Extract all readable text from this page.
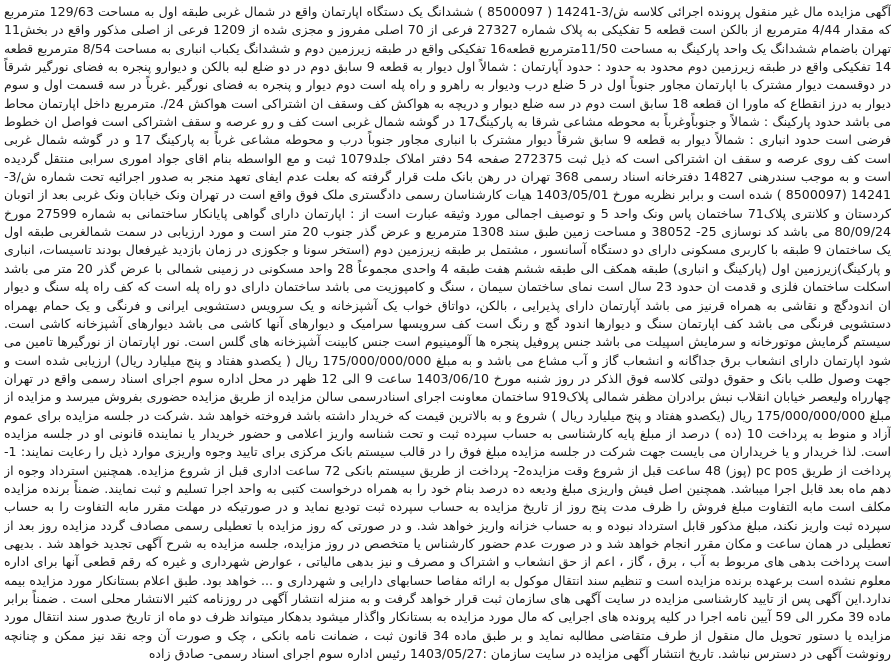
آگهی مزایده مال غیر منقول پرونده اجرائی کلاسه ش/3-14241 ( 8500097 ) ششدانگ یک دستگاه اپارتمان واقع در شمال غربی طبقه اول به مساحت 129/63 مترمربع که مقدار 4/44 مترمربع از بالکن است قطعه 5 تفکیکی به پلاک شماره 27327 فرعی از 70 اصلی مفروز و مجزی شده از 1209 فرعی از اصلی مذکور واقع در بخش11 تهران باضمام ششدانگ یک واحد پارکینگ به مساحت 11/50مترمربع قطعه16 تفکیکی واقع در طبقه زیرزمین دوم و ششدانگ یکباب انباری به مساحت 8/54 مترمربع قطعه 14 تفکیکی واقع در طبقه زیرزمین دوم محدود به حدود : حدود آپارتمان : شمالاً اول دیوار به قطعه 9 سابق دوم در دو ضلع لبه بالکن و دیوارو پنجره به فضای نورگیر شرقاً در دوقسمت دیوار مشترک با اپارتمان مجاور جنوباً اول در 5 ضلع درب ودیوار به راهرو و راه پله است دوم دیوار و پنجره به فضای نورگیر .غرباً در سه قسمت اول و سوم دیوار به درز انقطاع که ماورا ان قطعه 18 سابق است دوم در سه ضلع دیوار و دریچه به هواکش کف وسقف ان اشتراکی است هواکش 24/. مترمربع داخل اپارتمان محاط می باشد حدود پارکینگ : شمالاً و جنوباًوغرباً به محوطه مشاعی شرقا به پارکینگ17 در گوشه شمال غربی است کف و رو عرصه و سقف اشتراکی است فواصل ان خطوط فرضی است حدود انباری : شمالاً دیوار به قطعه 9 سابق شرقاً دیوار مشترک با انباری مجاور جنوباً درب و محوطه مشاعی غرباً به پارکینگ 17 و در گوشه شمال غربی است کف روی عرصه و سقف ان اشتراکی است که ذیل ثبت 272375 صفحه 54 دفتر املاک جلد1079 ثبت و مع الواسطه بنام اقای جواد اموری سرابی منتقل گردیده است و به موجب سندرهنی 14827 دفترخانه اسناد رسمی 368 تهران در رهن بانک ملت قرار گرفته که بعلت عدم ایفای تعهد منجر به صدور اجرائیه تحت شماره ش/3-14241 (8500097 ) شده است و برابر نظریه مورخ 1403/05/01 هیات کارشناسان رسمی دادگستری ملک فوق واقع است در تهران ونک خیابان ونک غربی بعد از اتوبان کردستان و کلانتری پلاک71 ساختمان پاس ونک واحد 5 و توصیف اجمالی مورد وثیقه عبارت است از : اپارتمان دارای گواهی پایانکار ساختمانی به شماره 27599 مورخ 80/09/24 می باشد کد نوسازی 25- 38052 و مساحت زمین طبق سند 1308 مترمربع و عرض گذر جنوب 20 متر است و مورد ارزیابی در سمت شمالغربی طبقه اول یک ساختمان 9 طبقه با کاربری مسکونی دارای دو دستگاه آسانسور ، مشتمل بر طبقه زیرزمین دوم (استخر سونا و جکوزی در زمان بازدید غیرفعال بودند تاسیسات، انباری و پارکینگ)زیرزمین اول (پارکینگ و انباری) طبقه همکف الی طبقه ششم هفت طبقه 4 واحدی مجموعاً 28 واحد مسکونی در زمینی شمالی با عرض گذر 20 متر می باشد اسکلت ساختمان فلزی و قدمت ان حدود 23 سال است نمای ساختمان سیمان ، سنگ و کامپوزیت می باشد ساختمان دارای دو راه پله است که کف راه پله سنگ و دیوار ان اندودگچ و نقاشی به همراه قرنیز می باشد آپارتمان دارای پذیرایی ، بالکن، دواتاق خواب یک آشپزخانه و یک سرویس دستشویی ایرانی و فرنگی و یک حمام بهمراه دستشویی فرنگی می باشد کف اپارتمان سنگ و دیوارها اندود گچ و رنگ است کف سرویسها سرامیک و دیوارهای آنها کاشی می باشد دیوارهای آشپزخانه کاشی است. سیستم گرمایش موتورخانه و سرمایش اسپیلت می باشد جنس پروفیل پنجره ها آلومینیوم است جنس کابینت آشپزخانه های گلس است. نور اپارتمان از نورگیرها تامین می شود اپارتمان دارای انشعاب برق جداگانه و انشعاب گاز و آب مشاع می باشد و به مبلغ 175/000/000/000 ریال ( یکصدو هفتاد و پنج میلیارد ریال) ارزیابی شده است و جهت وصول طلب بانک و حقوق دولتی کلاسه فوق الذکر در روز شنبه مورخ 1403/06/10 ساعت 9 الی 12 ظهر در محل اداره سوم اجرای اسناد رسمی واقع در تهران چهارراه ولیعصر خیابان انقلاب نبش برادران مظفر شمالی پلاک919 ساختمان معاونت اجرای اسنادرسمی سالن مزایده از طریق مزایده حضوری بفروش میرسد و مزایده از مبلغ 175/000/000/000 ریال (یکصدو هفتاد و پنج میلیارد ریال ) شروع و به بالاترین قیمت که خریدار داشته باشد فروخته خواهد شد .شرکت در جلسه مزایده برای عموم آزاد و منوط به پرداخت 10 (ده ) درصد از مبلغ پایه کارشناسی به حساب سپرده ثبت و تحت شناسه واریز اعلامی و حضور خریدار یا نماینده قانونی او در جلسه مزایده است. لذا خریدار و یا خریداران می بایست جهت شرکت در جلسه مزایده مبلغ فوق را در قالب سیستم بانک مرکزی برای تایید وجوه واریزی موارد ذیل را رعایت نمایند: 1- پرداخت از طریق pc pos (پوز) 48 ساعت قبل از شروع وقت مزایده2- پرداخت از طریق سیستم بانکی 72 ساعت اداری قبل از شروع مزایده. همچنین استرداد وجوه از دهم ماه بعد قابل اجرا میباشد. همچنین اصل فیش واریزی مبلغ ودیعه ده درصد بنام خود را به همراه درخواست کتبی به واحد اجرا تسلیم و ثبت نمایند. ضمناً برنده مزایده مکلف است مابه التفاوت مبلغ فروش را ظرف مدت پنج روز از تاریخ مزایده به حساب سپرده ثبت تودیع نماید و در صورتیکه در مهلت مقرر مابه التفاوت را به حساب سپرده ثبت واریز نکند، مبلغ مذکور قابل استرداد نبوده و به حساب خزانه واریز خواهد شد. و در صورتی که روز مزایده با تعطیلی رسمی مصادف گردد مزایده روز بعد از تعطیلی در همان ساعت و مکان مقرر انجام خواهد شد و در صورت عدم حضور کارشناس یا متخصص در روز مزایده، جلسه مزایده به شرح آگهی تجدید خواهد شد . بدیهی است پرداخت بدهی های مربوط به آب ، برق ، گاز ، اعم از حق انشعاب و اشتراک و مصرف و نیز بدهی مالیاتی ، عوارض شهرداری و غیره که رقم قطعی آنها برای اداره معلوم نشده است برعهده برنده مزایده است و تنظیم سند انتقال موکول به ارائه مفاصا حسابهای دارایی و شهرداری و ... خواهد بود. طبق اعلام بستانکار مورد مزایده بیمه ندارد.این آگهی پس از تایید کارشناسی مزایده در سایت آگهی های سازمان ثبت قرار خواهد گرفت و به منزله انتشار آگهی در روزنامه کثیر الانتشار محلی است . ضمناً برابر ماده 39 مکرر الی 59 آیین نامه اجرا در کلیه پرونده های اجرایی که مال مورد مزایده به بستانکار واگذار میشود بدهکار میتواند ظرف دو ماه از تاریخ صدور سند انتقال مورد مزایده یا دستور تحویل مال منقول از طرف متقاضی مطالبه نماید و بر طبق ماده 34 قانون ثبت ، ضمانت نامه بانکی ، چک و صورت آن وجه نقد نیز ممکن و چنانچه رونوشت آگهی در دسترس نباشد. تاریخ انتشار آگهی مزایده در سایت سازمان :1403/05/27 رئیس اداره سوم اجرای اسناد رسمی- صادق زاده
